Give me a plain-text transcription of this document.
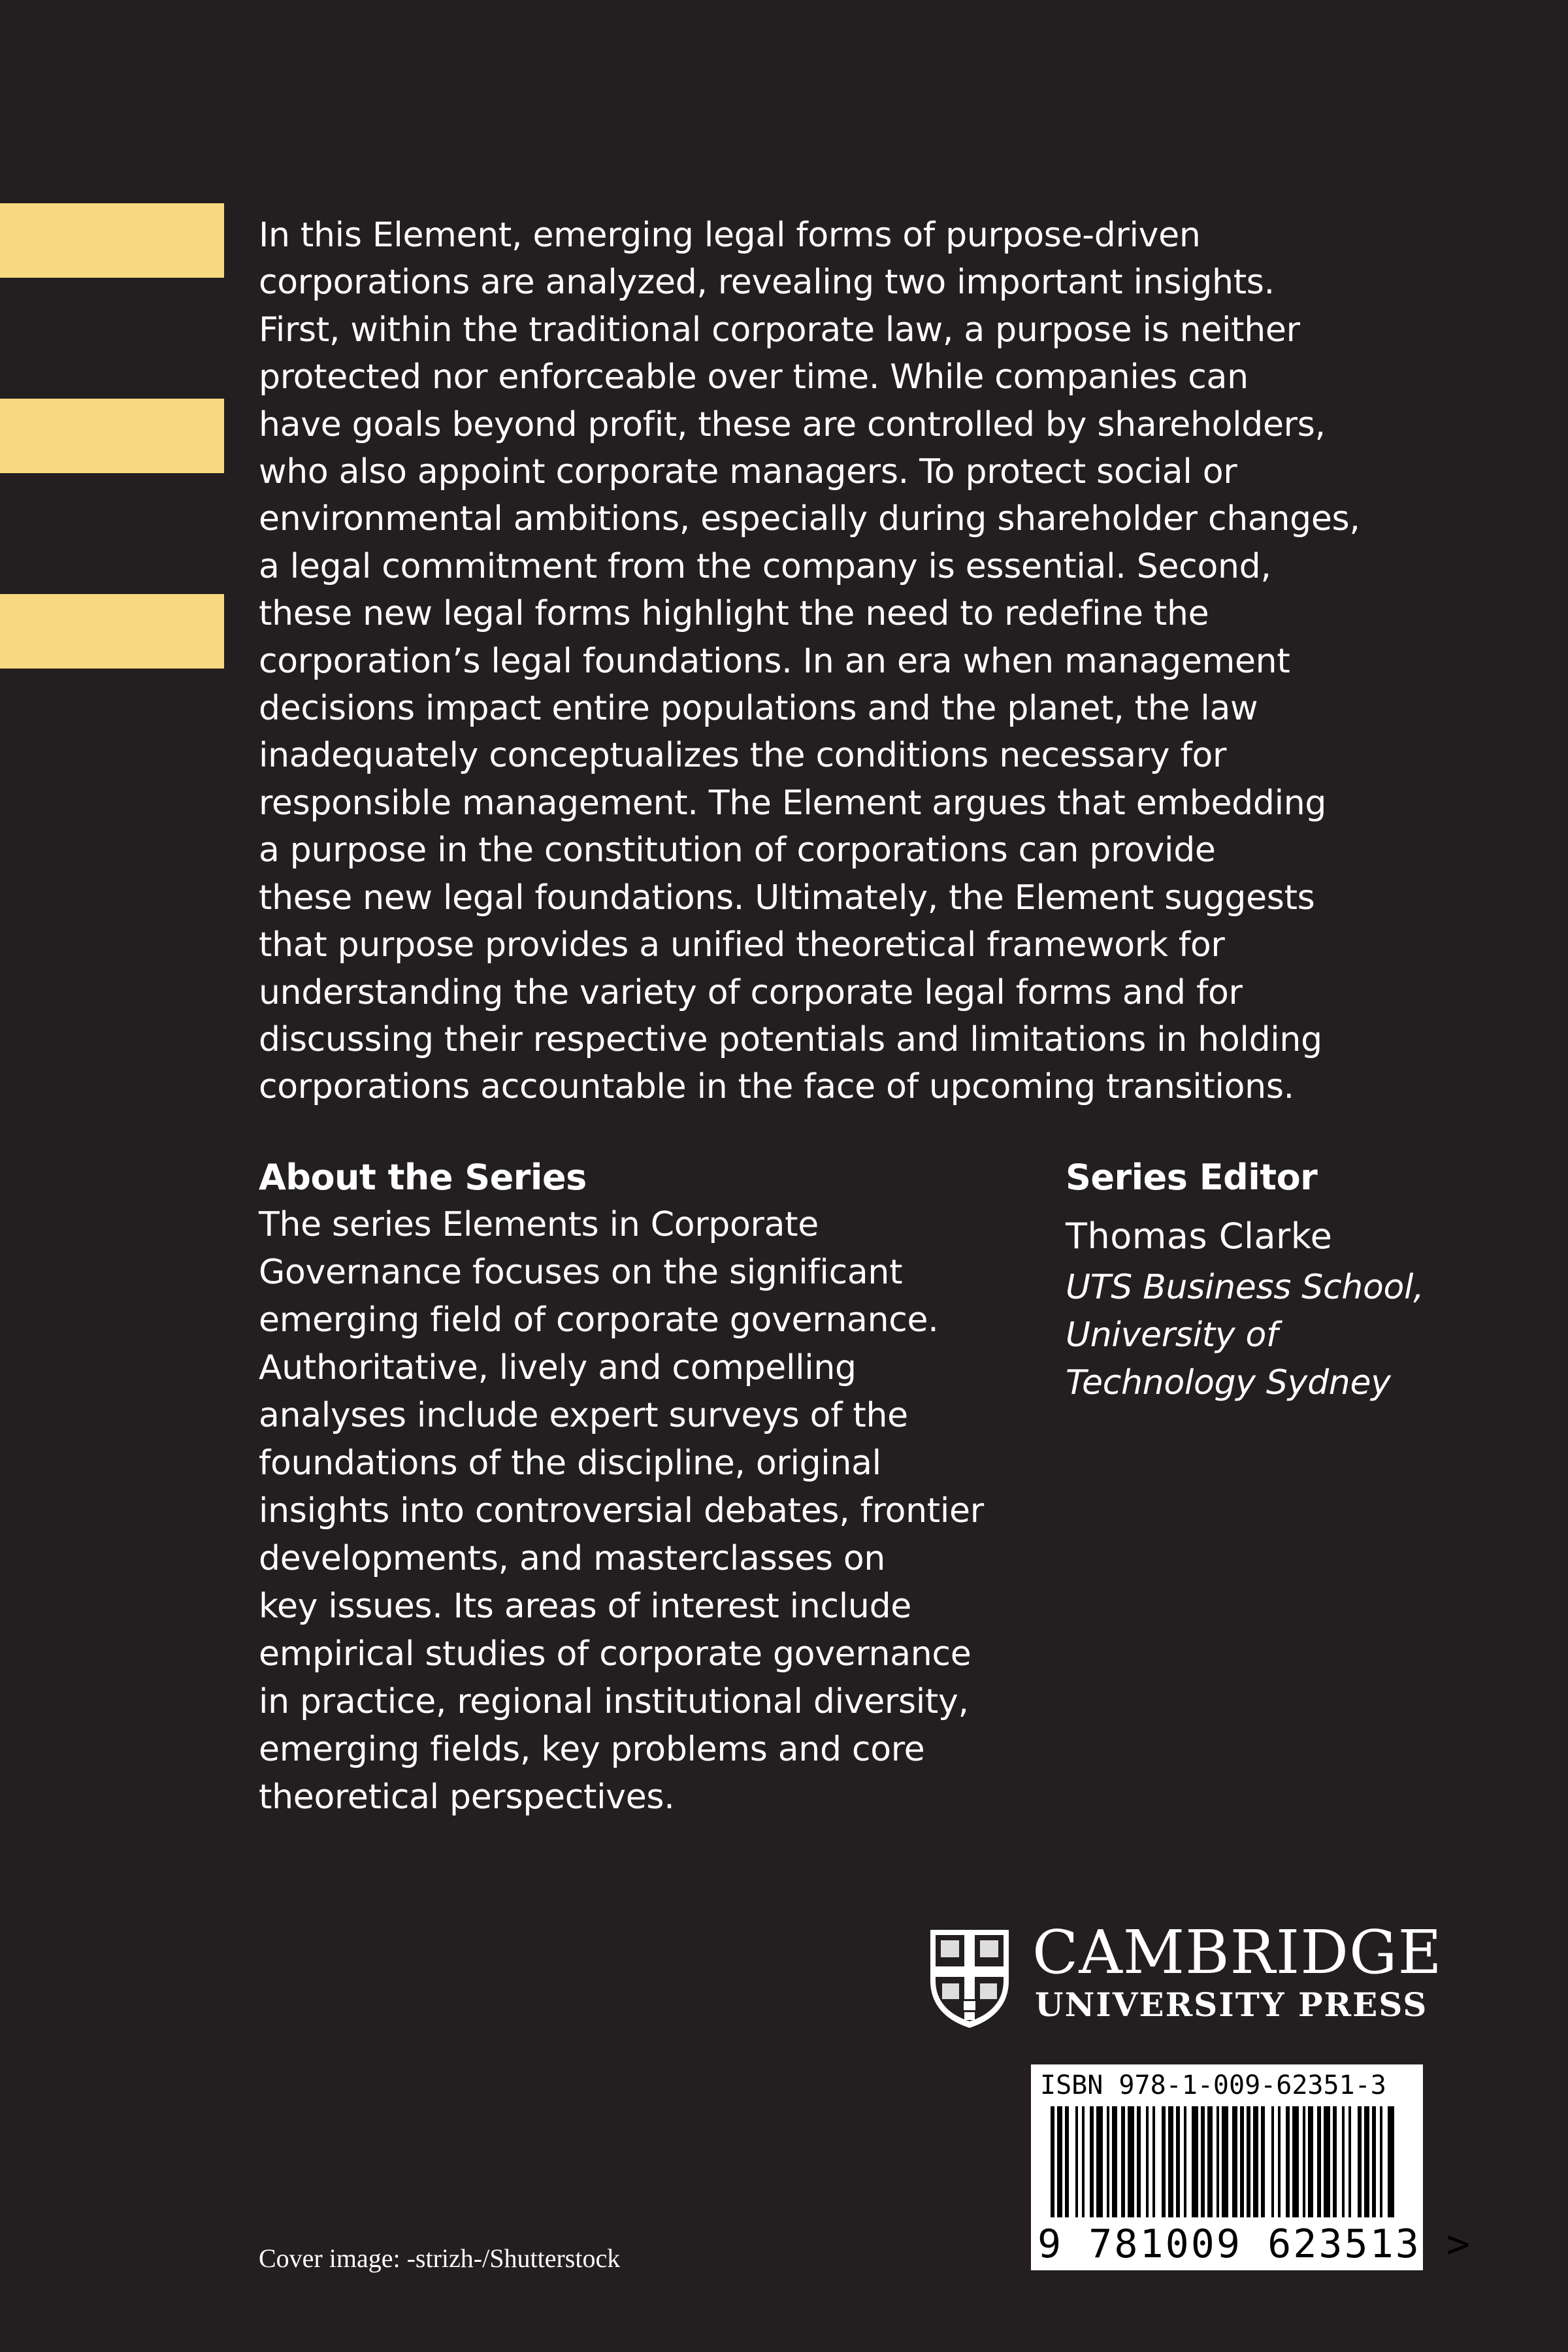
In this Element, emerging legal forms of purpose-driven
corporations are analyzed, revealing two important insights.
First, within the traditional corporate law, a purpose is neither
protected nor enforceable over time. While companies can
have goals beyond profit, these are controlled by shareholders,
who also appoint corporate managers. To protect social or
environmental ambitions, especially during shareholder changes,
a legal commitment from the company is essential. Second,
these new legal forms highlight the need to redefine the
corporation’s legal foundations. In an era when management
decisions impact entire populations and the planet, the law
inadequately conceptualizes the conditions necessary for
responsible management. The Element argues that embedding
a purpose in the constitution of corporations can provide
these new legal foundations. Ultimately, the Element suggests
that purpose provides a unified theoretical framework for
understanding the variety of corporate legal forms and for
discussing their respective potentials and limitations in holding
corporations accountable in the face of upcoming transitions.

About the Series

The series Elements in Corporate
Governance focuses on the significant
emerging field of corporate governance.
Authoritative, lively and compelling
analyses include expert surveys of the
foundations of the discipline, original
insights into controversial debates, frontier
developments, and masterclasses on
key issues. Its areas of interest include
empirical studies of corporate governance
in practice, regional institutional diversity,
emerging fields, key problems and core
theoretical perspectives.

Series Editor

Thomas Clarke

UTS Business School,
University of
Technology Sydney

CAMBRIDGE

UNIVERSITY PRESS

ISBN 978-1-009-62351-3

9 781009 623513 >

Cover image: -strizh-/Shutterstock
